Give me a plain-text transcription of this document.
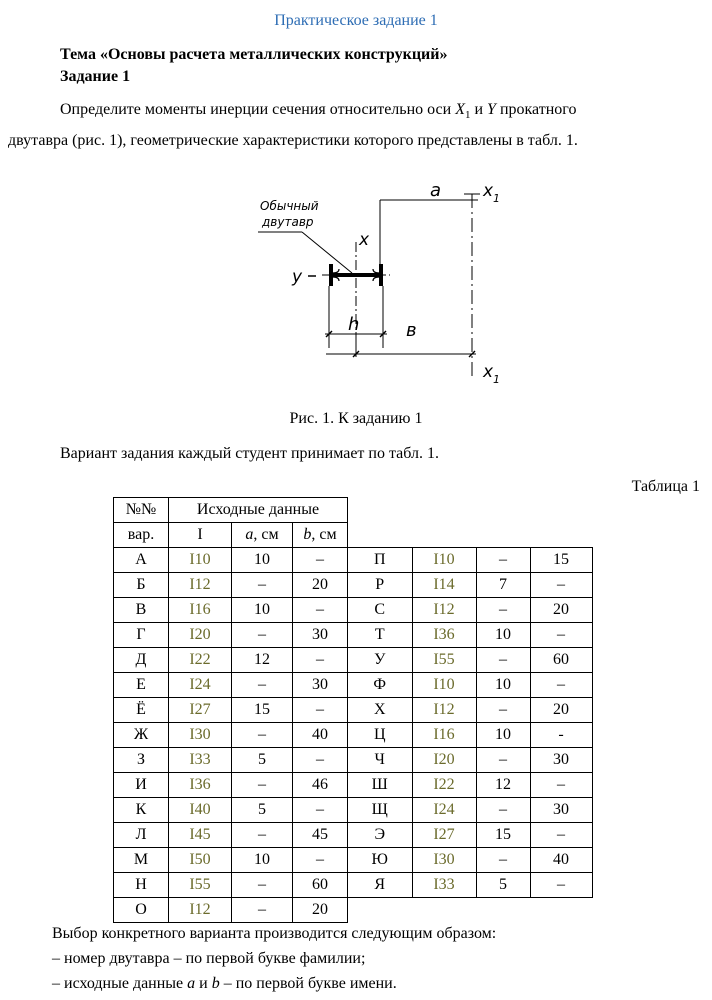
Практическое задание 1
Тема «Основы расчета металлических конструкций»
Задание 1
Определите моменты инерции сечения относительно оси $X_1$ и Y прокатного
двутавра (рис. 1), геометрические характеристики которого представлены в табл. 1.
Обычный
двутавр
x
y
h
a
в
x 1
x 1
Рис. 1. К заданию 1
Вариант задания каждый студент принимает по табл. 1.
Таблица 1
№№	Исходные данные						
вар.	I	a, см	b, см				
А	I10	10	–	П	I10	–	15
Б	I12	–	20	Р	I14	7	–
В	I16	10	–	С	I12	–	20
Г	I20	–	30	Т	I36	10	–
Д	I22	12	–	У	I55	–	60
Е	I24	–	30	Ф	I10	10	–
Ё	I27	15	–	Х	I12	–	20
Ж	I30	–	40	Ц	I16	10	-
З	I33	5	–	Ч	I20	–	30
И	I36	–	46	Ш	I22	12	–
К	I40	5	–	Щ	I24	–	30
Л	I45	–	45	Э	I27	15	–
М	I50	10	–	Ю	I30	–	40
Н	I55	–	60	Я	I33	5	–
О	I12	–	20				
Выбор конкретного варианта производится следующим образом:
– номер двутавра – по первой букве фамилии;
– исходные данные a и b – по первой букве имени.
